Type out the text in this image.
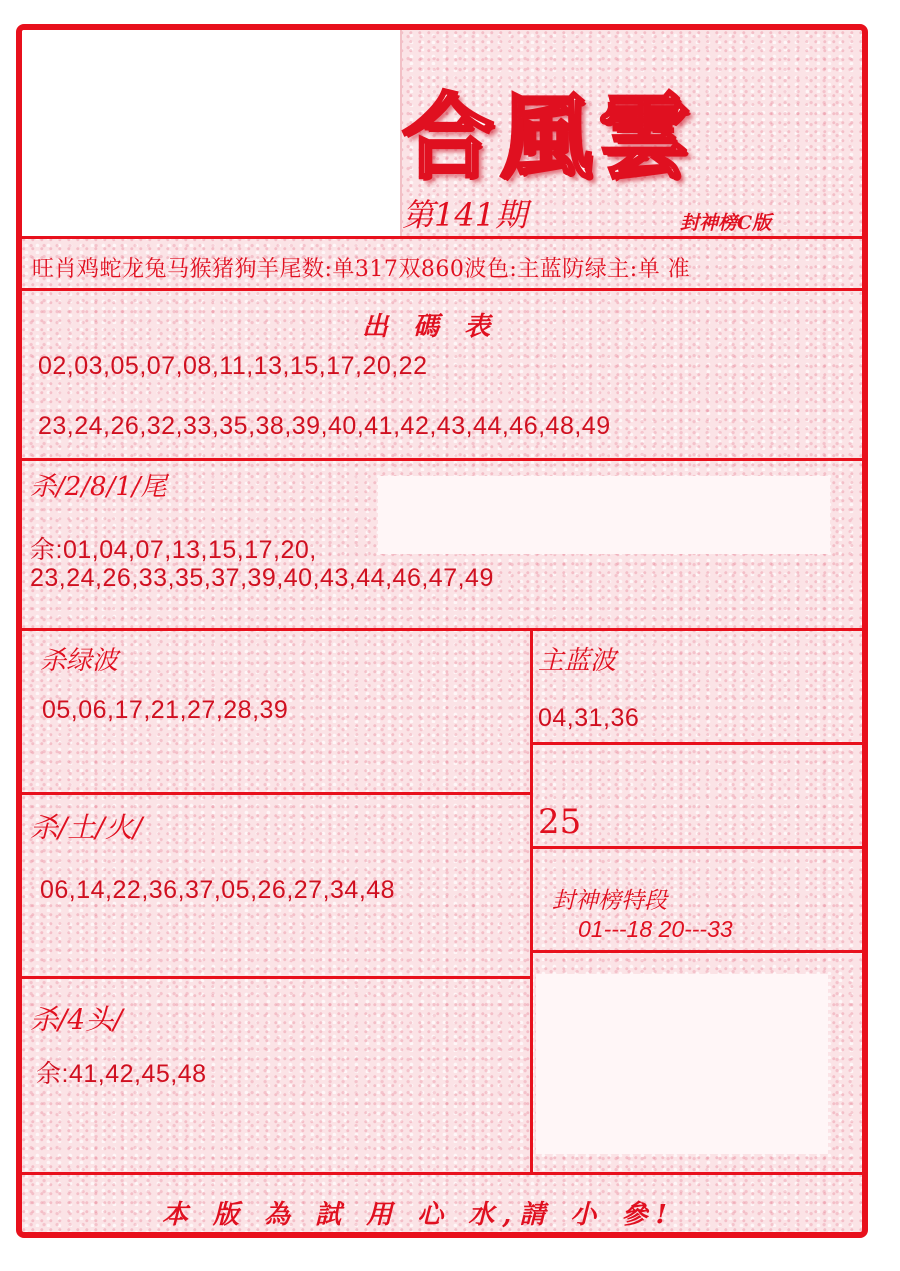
合風雲
第141期	封神榜C版
旺肖鸡蛇龙兔马猴猪狗羊尾数:单317双860波色:主蓝防绿主:单 准
出 碼 表
02,03,05,07,08,11,13,15,17,20,22
23,24,26,32,33,35,38,39,40,41,42,43,44,46,48,49
杀/2/8/1/尾
余:01,04,07,13,15,17,20,
23,24,26,33,35,37,39,40,43,44,46,47,49
杀绿波
05,06,17,21,27,28,39
主蓝波
04,31,36
25
杀/土/火/
06,14,22,36,37,05,26,27,34,48	封神榜特段
01---18 20---33
杀/4头/
余:41,42,45,48
本 版 為 試 用 心 水,請 小 參!
